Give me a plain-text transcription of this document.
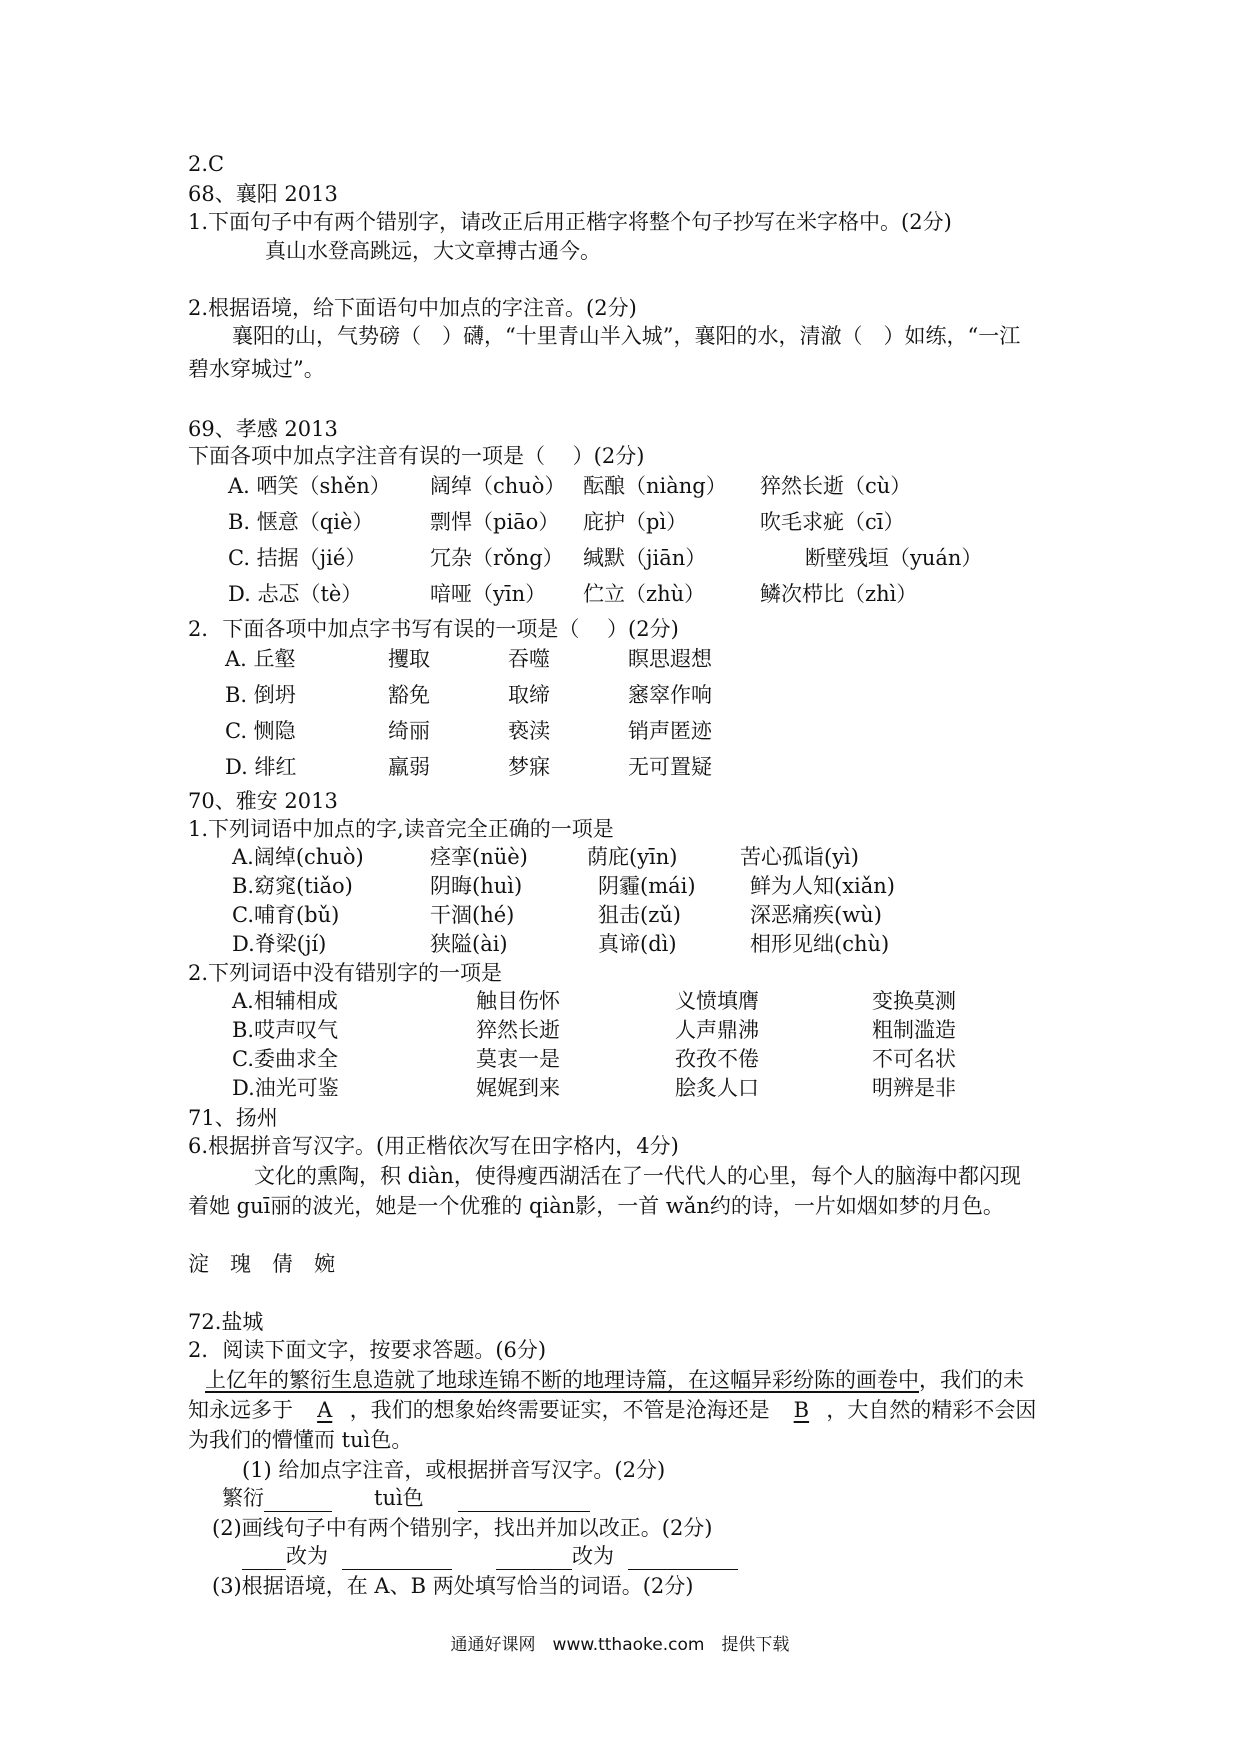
2.C
68、襄阳 2013
1.下面句子中有两个错别字，请改正后用正楷字将整个句子抄写在米字格中。(2分)
真山水登高跳远，大文章搏古通今。
2.根据语境，给下面语句中加点的字注音。(2分)
襄阳的山，气势磅（　）礴，“十里青山半入城”，襄阳的水，清澈（　）如练，“一江
碧水穿城过”。
69、孝感 2013
下面各项中加点字注音有误的一项是（　 ）(2分)
A. 哂笑（shěn） 阔绰（chuò） 酝酿（niàng） 猝然长逝（cù）
B. 惬意（qiè）	剽悍（piāo） 庇护（pì）	吹毛求疵（cī）
C. 拮据（jié）	冗杂（rǒng） 缄默（jiān）	断壁残垣（yuán）
D. 忐忑（tè）	喑哑（yīn） 伫立（zhù）	鳞次栉比（zhì）
2．下面各项中加点字书写有误的一项是（　 ）(2分)
A. 丘壑	攫取	吞噬	瞑思遐想
B. 倒坍	豁免	取缔	窸窣作响
C. 恻隐	绮丽	亵渎	销声匿迹
D. 绯红	羸弱	梦寐	无可置疑
70、雅安 2013
1.下列词语中加点的字,读音完全正确的一项是
A.阔绰(chuò)	痉挛(nüè)	荫庇(yīn)	苦心孤诣(yì)
B.窈窕(tiǎo)	阴晦(huì)	阴霾(mái)	鲜为人知(xiǎn)
C.哺育(bǔ)	干涸(hé)	狙击(zǔ)	深恶痛疾(wù)
D.脊梁(jí)	狭隘(ài)	真谛(dì)	相形见绌(chù)
2.下列词语中没有错别字的一项是
A.相辅相成	触目伤怀	义愤填膺	变换莫测
B.哎声叹气	猝然长逝	人声鼎沸	粗制滥造
C.委曲求全	莫衷一是	孜孜不倦	不可名状
D.油光可鉴	娓娓到来	脍炙人口	明辨是非
71、扬州
6.根据拼音写汉字。(用正楷依次写在田字格内，4分)
文化的熏陶，积 diàn，使得瘦西湖活在了一代代人的心里，每个人的脑海中都闪现
着她 guī丽的波光，她是一个优雅的 qiàn影，一首 wǎn约的诗，一片如烟如梦的月色。
淀　瑰　倩　婉
72.盐城
2．阅读下面文字，按要求答题。(6分)
上亿年的繁衍生息造就了地球连锦不断的地理诗篇，在这幅异彩纷陈的画卷中，我们的未
知永远多于 A ，我们的想象始终需要证实，不管是沧海还是 B ，大自然的精彩不会因
为我们的懵懂而 tuì色。
(1) 给加点字注音，或根据拼音写汉字。(2分)
繁衍	tuì色
(2)画线句子中有两个错别字，找出并加以改正。(2分)
改为	改为
(3)根据语境，在 A、B 两处填写恰当的词语。(2分)
通通好课网　www.tthaoke.com　提供下载
